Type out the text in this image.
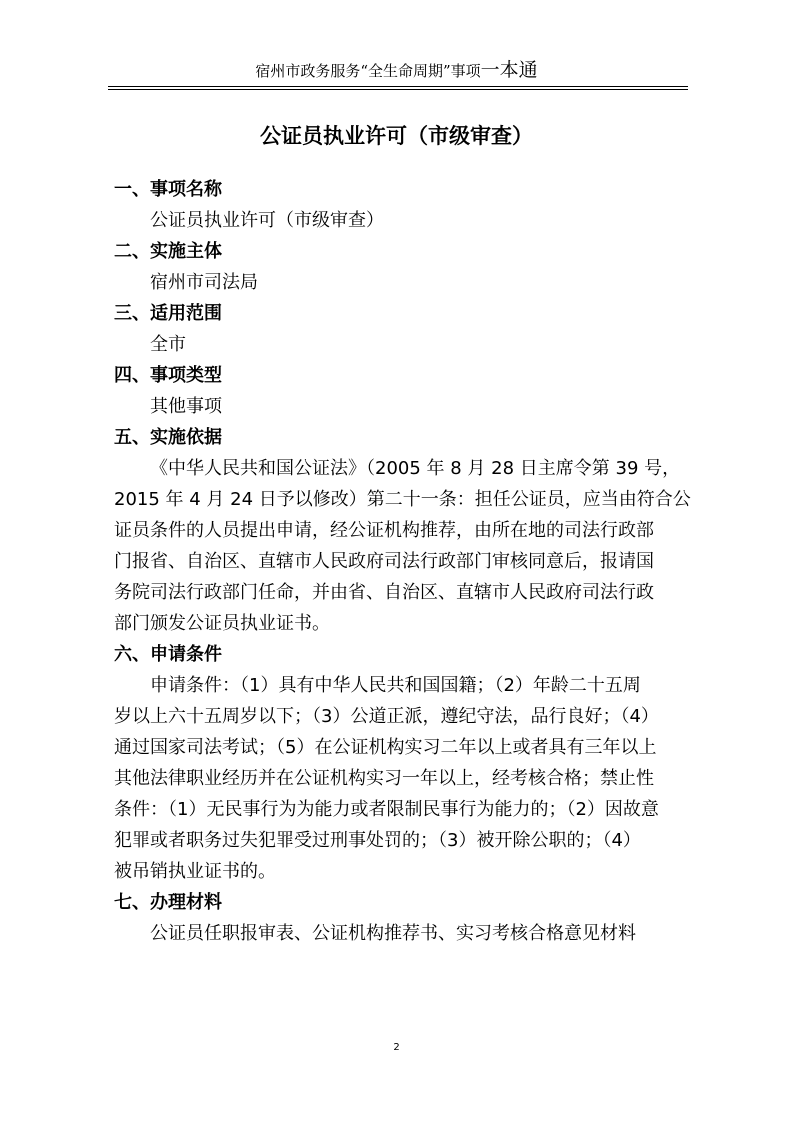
宿州市政务服务“全生命周期”事项一本通
公证员执业许可（市级审查）
一、事项名称
公证员执业许可（市级审查）
二、实施主体
宿州市司法局
三、适用范围
全市
四、事项类型
其他事项
五、实施依据
《中华人民共和国公证法》（2005 年 8 月 28 日主席令第 39 号，
2015 年 4 月 24 日予以修改）第二十一条：担任公证员，应当由符合公
证员条件的人员提出申请，经公证机构推荐，由所在地的司法行政部
门报省、自治区、直辖市人民政府司法行政部门审核同意后，报请国
务院司法行政部门任命，并由省、自治区、直辖市人民政府司法行政
部门颁发公证员执业证书。
六、申请条件
申请条件：（1）具有中华人民共和国国籍；（2）年龄二十五周
岁以上六十五周岁以下；（3）公道正派，遵纪守法，品行良好；（4）
通过国家司法考试；（5）在公证机构实习二年以上或者具有三年以上
其他法律职业经历并在公证机构实习一年以上，经考核合格；禁止性
条件：（1）无民事行为为能力或者限制民事行为能力的；（2）因故意
犯罪或者职务过失犯罪受过刑事处罚的；（3）被开除公职的；（4）
被吊销执业证书的。
七、办理材料
公证员任职报审表、公证机构推荐书、实习考核合格意见材料
2
